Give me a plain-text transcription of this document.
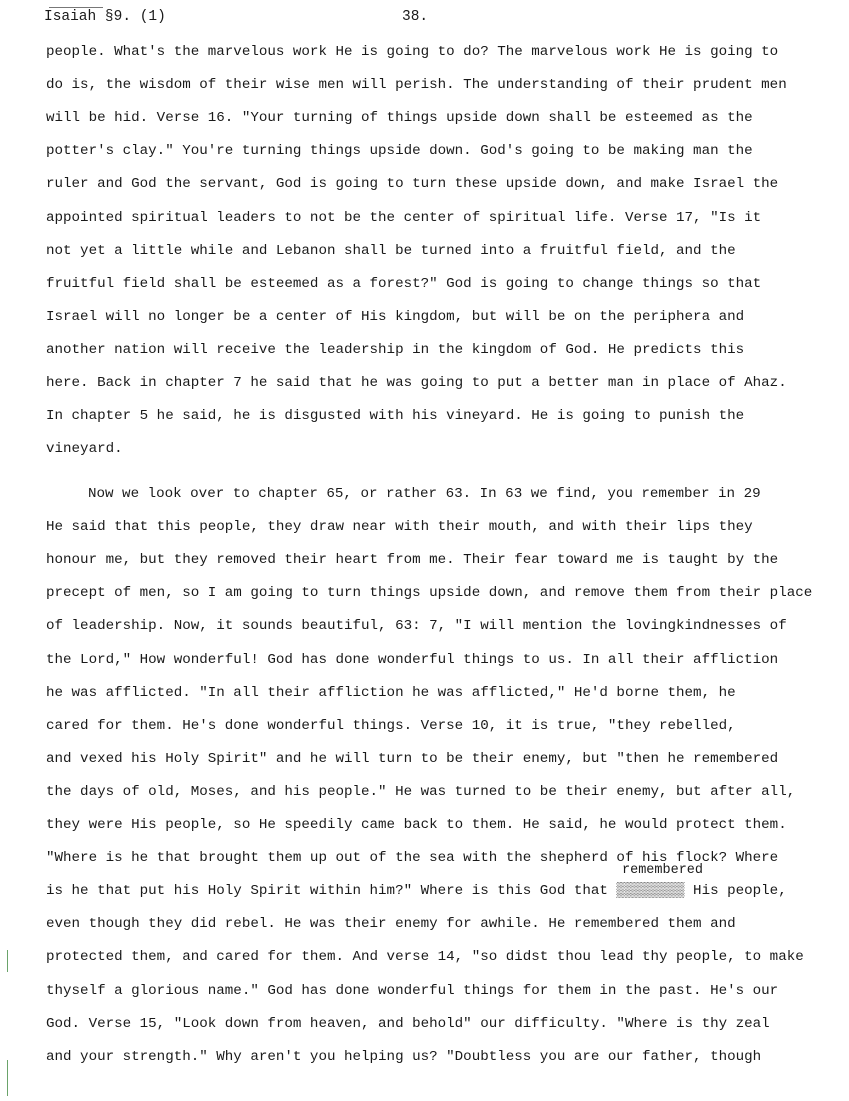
Isaiah §9. (1)	38.
people. What's the marvelous work He is going to do? The marvelous work He is going to
do is, the wisdom of their wise men will perish. The understanding of their prudent men
will be hid. Verse 16. "Your turning of things upside down shall be esteemed as the
potter's clay." You're turning things upside down. God's going to be making man the
ruler and God the servant, God is going to turn these upside down, and make Israel the
appointed spiritual leaders to not be the center of spiritual life. Verse 17, "Is it
not yet a little while and Lebanon shall be turned into a fruitful field, and the
fruitful field shall be esteemed as a forest?" God is going to change things so that
Israel will no longer be a center of His kingdom, but will be on the periphera and
another nation will receive the leadership in the kingdom of God. He predicts this
here. Back in chapter 7 he said that he was going to put a better man in place of Ahaz.
In chapter 5 he said, he is disgusted with his vineyard. He is going to punish the
vineyard.
Now we look over to chapter 65, or rather 63. In 63 we find, you remember in 29
He said that this people, they draw near with their mouth, and with their lips they
honour me, but they removed their heart from me. Their fear toward me is taught by the
precept of men, so I am going to turn things upside down, and remove them from their place
of leadership. Now, it sounds beautiful, 63: 7, "I will mention the lovingkindnesses of
the Lord," How wonderful! God has done wonderful things to us. In all their affliction
he was afflicted. "In all their affliction he was afflicted," He'd borne them, he
cared for them. He's done wonderful things. Verse 10, it is true, "they rebelled,
and vexed his Holy Spirit" and he will turn to be their enemy, but "then he remembered
the days of old, Moses, and his people." He was turned to be their enemy, but after all,
they were His people, so He speedily came back to them. He said, he would protect them.
"Where is he that brought them up out of the sea with the shepherd of his flock? Where
is he that put his Holy Spirit within him?" Where is this God that ▒▒▒▒▒▒▒▒ His people,
even though they did rebel. He was their enemy for awhile. He remembered them and
protected them, and cared for them. And verse 14, "so didst thou lead thy people, to make
thyself a glorious name." God has done wonderful things for them in the past. He's our
God. Verse 15, "Look down from heaven, and behold" our difficulty. "Where is thy zeal
and your strength." Why aren't you helping us? "Doubtless you are our father, though
remembered
